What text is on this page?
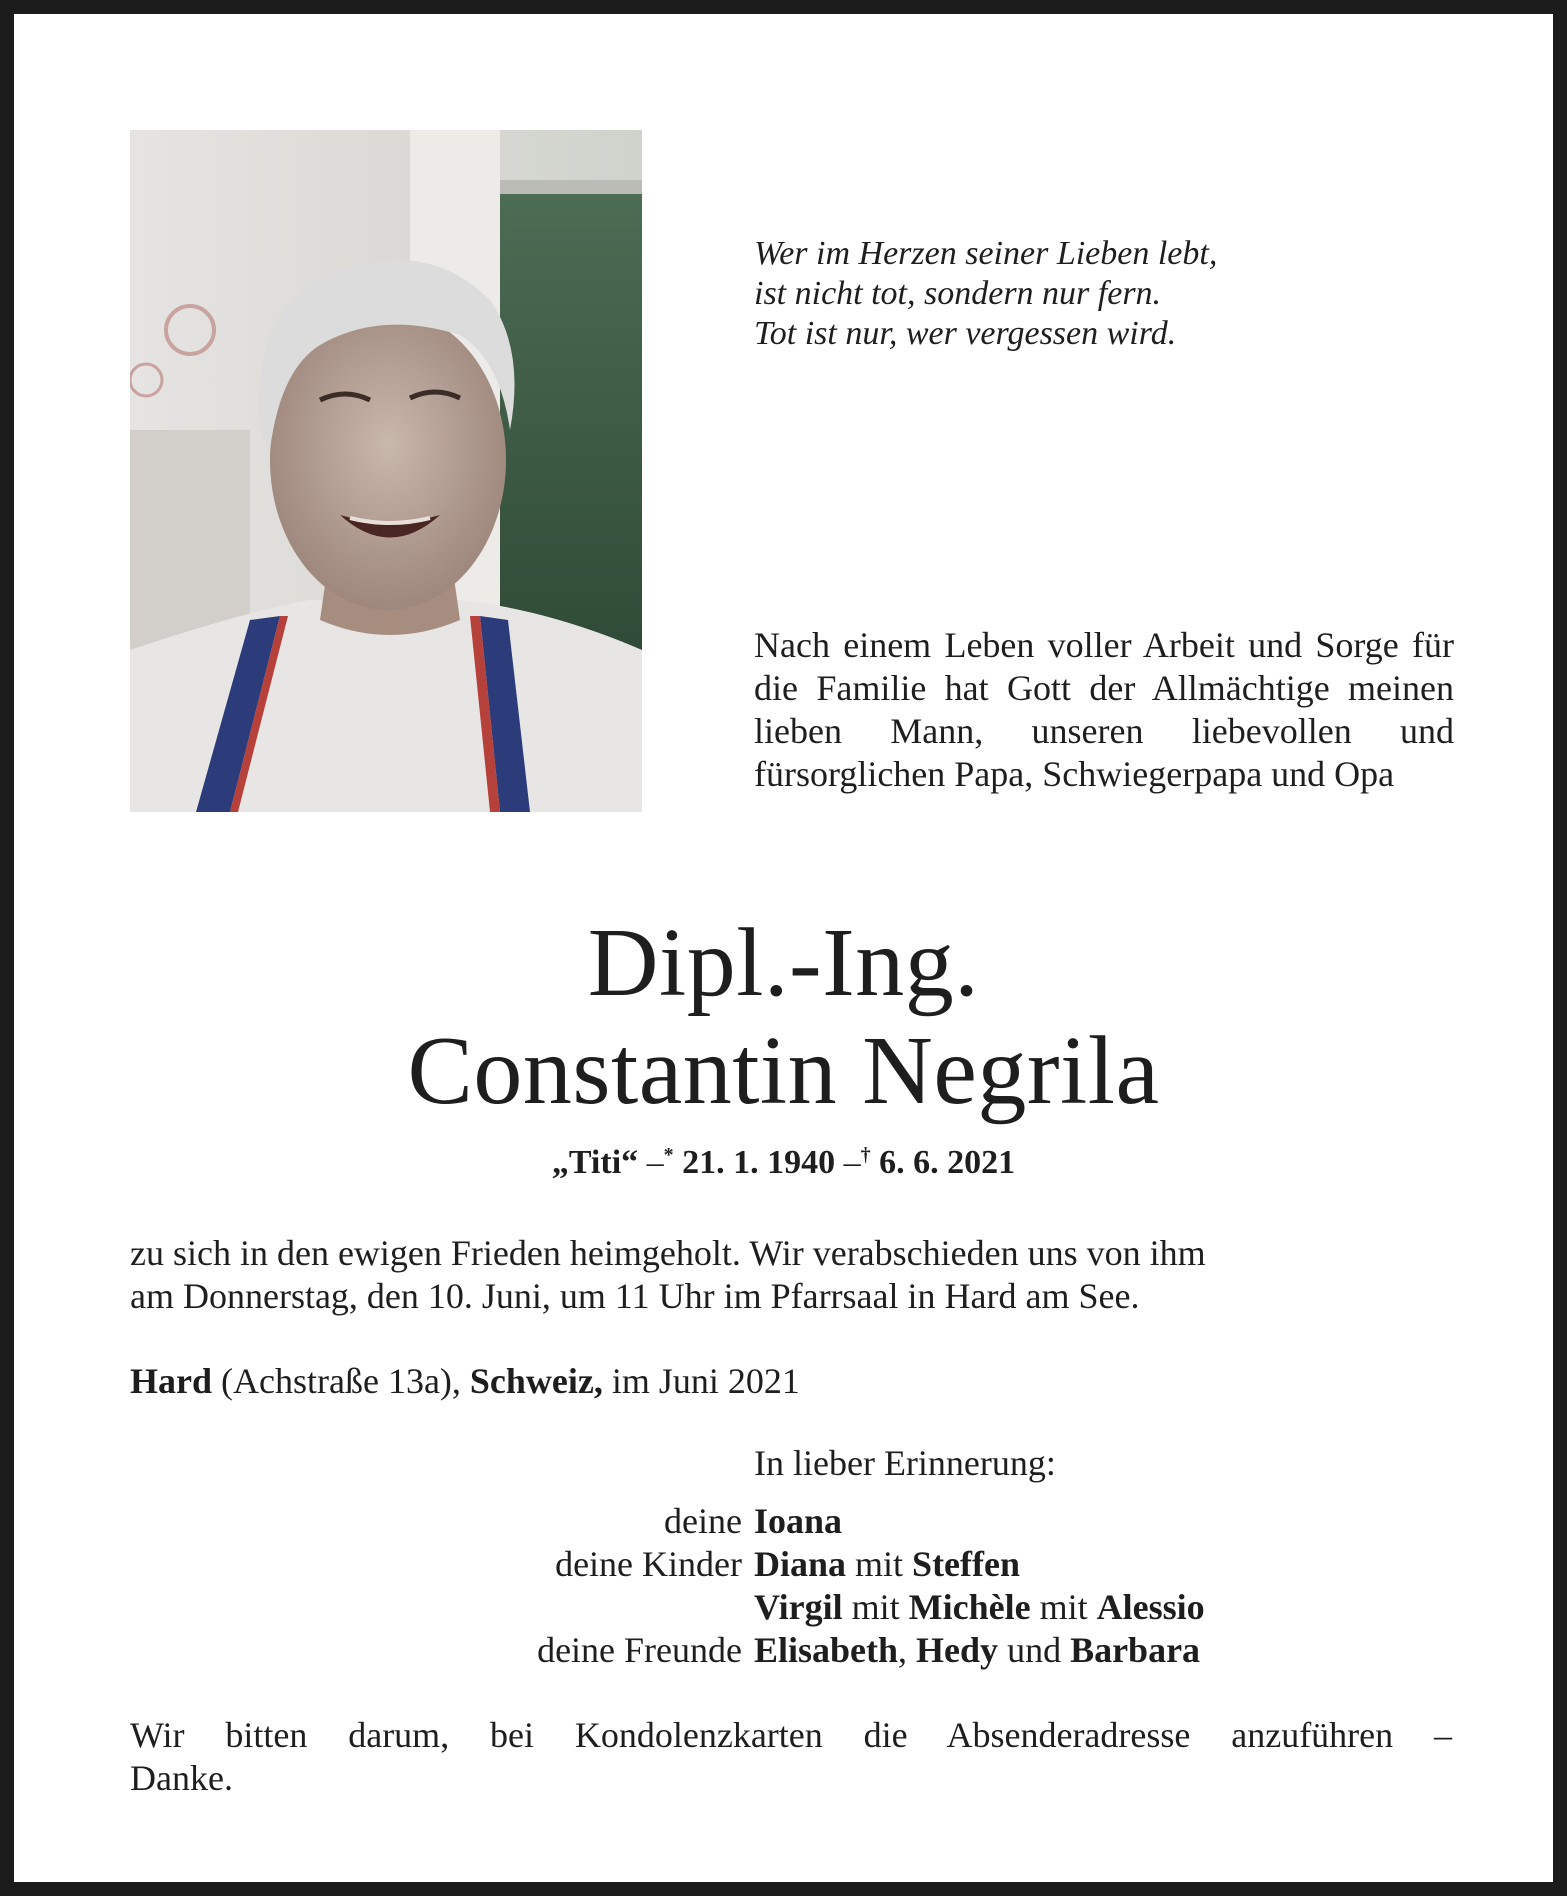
Wer im Herzen seiner Lieben lebt,
ist nicht tot, sondern nur fern.
Tot ist nur, wer vergessen wird.
Nach einem Leben voller Arbeit und Sorge für die Familie hat Gott der Allmächtige meinen lieben Mann, unseren liebevollen und fürsorglichen Papa, Schwiegerpapa und Opa
Dipl.-Ing.
Constantin Negrila
„Titi“ –* 21. 1. 1940 –† 6. 6. 2021
zu sich in den ewigen Frieden heimgeholt. Wir verabschieden uns von ihm
am Donnerstag, den 10. Juni, um 11 Uhr im Pfarrsaal in Hard am See.
Hard (Achstraße 13a), Schweiz, im Juni 2021
In lieber Erinnerung:
deine Ioana
deine Kinder Diana mit Steffen
Virgil mit Michèle mit Alessio
deine Freunde Elisabeth, Hedy und Barbara
Wir bitten darum, bei Kondolenzkarten die Absenderadresse anzuführen –
Danke.
